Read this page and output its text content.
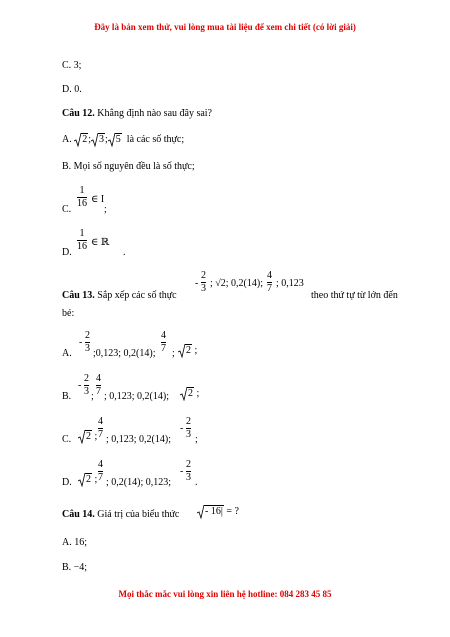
Đây là bản xem thử, vui lòng mua tài liệu để xem chi tiết (có lời giải)
C. 3;
D. 0.
Câu 12. Khẳng định nào sau đây sai?
A. 2; 3; 5 là các số thực;
B. Mọi số nguyên đều là số thực;
C.
1
16 ∈ I
;
D.
1
16 ∈ ℝ
.
Câu 13. Sắp xếp các số thực
-
2
3 ; √2; 0,2(14);
4
7 ; 0,123
theo thứ tự từ lớn đến
bé:
A.
-
2
3 ;0,123; 0,2(14);
4
7 ;	2 ;
B.
-
2
3 ;
4
7 ; 0,123; 0,2(14);	2 ;
C.	2 ;
4
7 ; 0,123; 0,2(14);
-
2
3 ;
D.	2 ;
4
7 ; 0,2(14); 0,123;
-
2
3 .
Câu 14. Giá trị của biểu thức	- 16| = ?
A. 16;
B. −4;
Mọi thắc mắc vui lòng xin liên hệ hotline: 084 283 45 85
